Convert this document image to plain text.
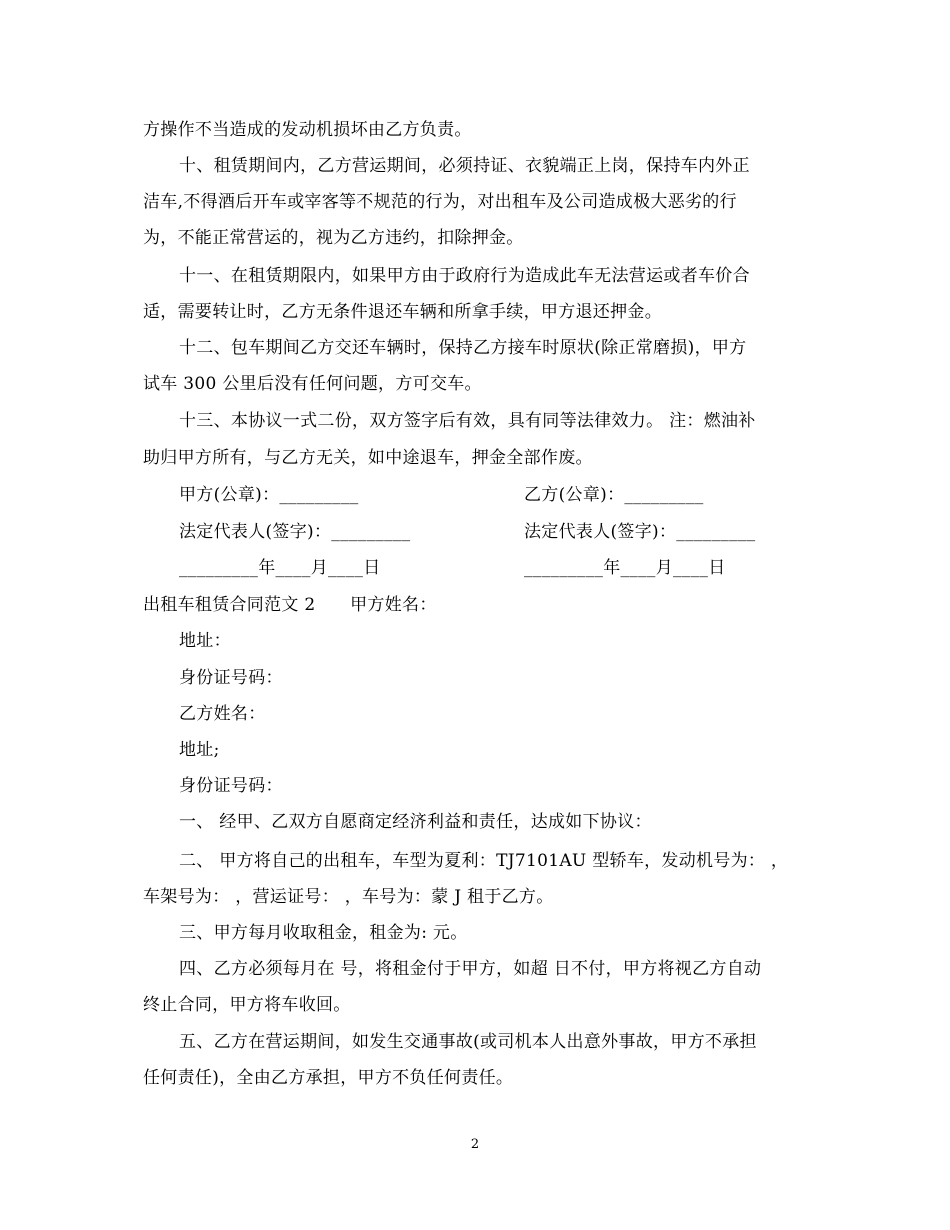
方操作不当造成的发动机损坏由乙方负责。
十、租赁期间内，乙方营运期间，必须持证、衣貌端正上岗，保持车内外正
洁车,不得酒后开车或宰客等不规范的行为，对出租车及公司造成极大恶劣的行
为，不能正常营运的，视为乙方违约，扣除押金。
十一、在租赁期限内，如果甲方由于政府行为造成此车无法营运或者车价合
适，需要转让时，乙方无条件退还车辆和所拿手续，甲方退还押金。
十二、包车期间乙方交还车辆时，保持乙方接车时原状(除正常磨损)，甲方
试车 300 公里后没有任何问题，方可交车。
十三、本协议一式二份，双方签字后有效，具有同等法律效力。 注：燃油补
助归甲方所有，与乙方无关，如中途退车，押金全部作废。
甲方(公章)：_________	乙方(公章)：_________
法定代表人(签字)：_________	法定代表人(签字)：_________
_________年____月____日	_________年____月____日
出租车租赁合同范文 2　　甲方姓名：
地址：
身份证号码：
乙方姓名：
地址;
身份证号码：
一、 经甲、乙双方自愿商定经济利益和责任，达成如下协议：
二、 甲方将自己的出租车，车型为夏利：TJ7101AU 型轿车，发动机号为： ，
车架号为： ，营运证号： ，车号为：蒙 J 租于乙方。
三、甲方每月收取租金，租金为: 元。
四、乙方必须每月在 号，将租金付于甲方，如超 日不付，甲方将视乙方自动
终止合同，甲方将车收回。
五、乙方在营运期间，如发生交通事故(或司机本人出意外事故，甲方不承担
任何责任)，全由乙方承担，甲方不负任何责任。
2
